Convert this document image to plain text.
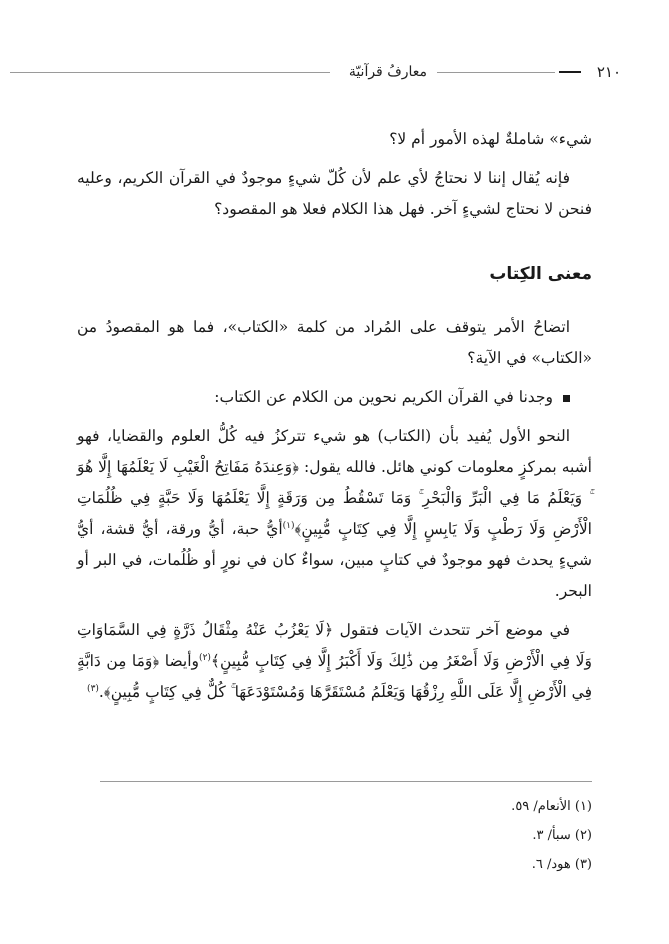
٢١٠
معارفُ قرآنيّة

شيء» شاملةٌ لهذه الأمور أم لا؟

فإنه يُقال إننا لا نحتاجُ لأي علم لأن كُلّ شيءٍ موجودٌ في القرآن الكريم، وعليه فنحن لا نحتاج لشيءٍ آخر. فهل هذا الكلام فعلا هو المقصود؟

معنى الكِتاب

اتضاحُ الأمر يتوقف على المُراد من كلمة «الكتاب»، فما هو المقصودُ من «الكتاب» في الآية؟

وجدنا في القرآن الكريم نحوين من الكلام عن الكتاب:

النحو الأول يُفيد بأن (الكتاب) هو شيء تتركزُ فيه كُلُّ العلوم والقضايا، فهو أشبه بمركزٍ معلومات كوني هائل. فالله يقول: ﴿وَعِندَهُ مَفَاتِحُ الْغَيْبِ لَا يَعْلَمُهَا إِلَّا هُوَ ۚ وَيَعْلَمُ مَا فِي الْبَرِّ وَالْبَحْرِ ۚ وَمَا تَسْقُطُ مِن وَرَقَةٍ إِلَّا يَعْلَمُهَا وَلَا حَبَّةٍ فِي ظُلُمَاتِ الْأَرْضِ وَلَا رَطْبٍ وَلَا يَابِسٍ إِلَّا فِي كِتَابٍ مُّبِينٍ﴾$^{(١)}$أيُّ حبة، أيُّ ورقة، أيُّ قشة، أيُّ شيءٍ يحدث فهو موجودٌ في كتابٍ مبين، سواءٌ كان في نورٍ أو ظُلُمات، في البر أو البحر.

في موضع آخر تتحدث الآيات فتقول ﴿لَا يَعْزُبُ عَنْهُ مِثْقَالُ ذَرَّةٍ فِي السَّمَاوَاتِ وَلَا فِي الْأَرْضِ وَلَا أَصْغَرُ مِن ذَٰلِكَ وَلَا أَكْبَرُ إِلَّا فِي كِتَابٍ مُّبِينٍ﴾$^{(٢)}$وأيضا ﴿وَمَا مِن دَابَّةٍ فِي الْأَرْضِ إِلَّا عَلَى اللَّهِ رِزْقُهَا وَيَعْلَمُ مُسْتَقَرَّهَا وَمُسْتَوْدَعَهَا ۚ كُلٌّ فِي كِتَابٍ مُّبِينٍ﴾.$^{(٣)}$

(١) الأنعام/ ٥٩.
(٢) سبأ/ ٣.
(٣) هود/ ٦.
